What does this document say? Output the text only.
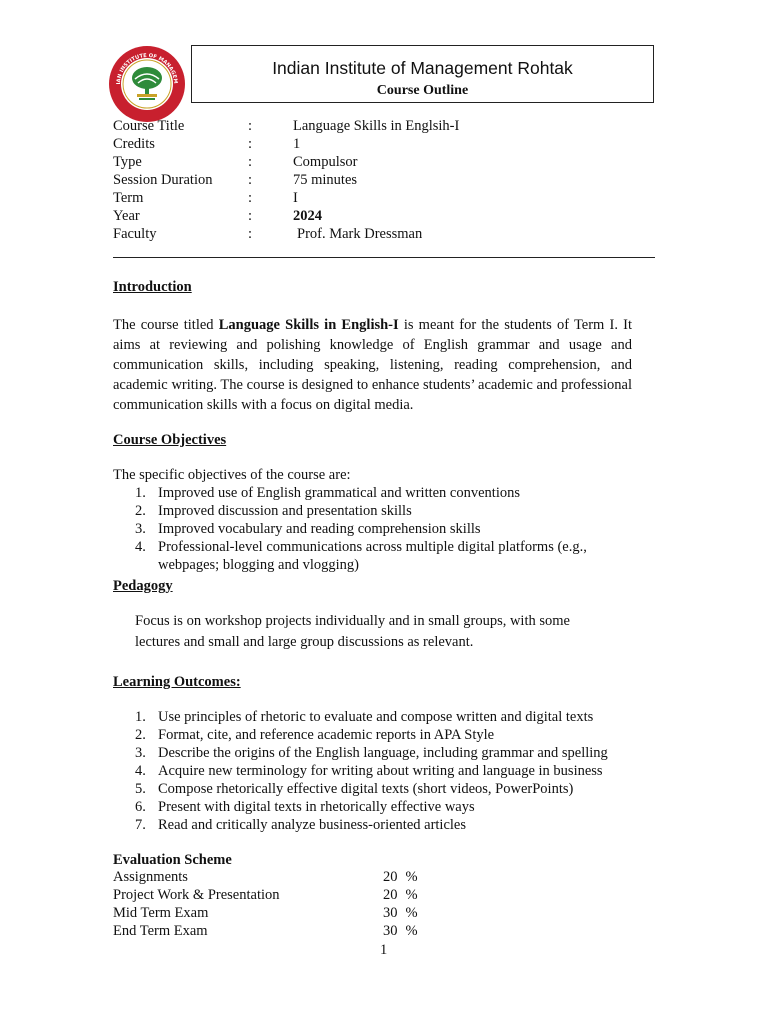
IAN INSTITUTE OF MANAGEM
ROHTAK
Indian Institute of Management Rohtak
Course Outline
Course Title	:	Language Skills in Englsih-I
Credits	:	1
Type	:	Compulsor
Session Duration :	75 minutes
Term	:	I
Year	:	2024
Faculty	:	Prof. Mark Dressman
Introduction
The course titled Language Skills in English-I is meant for the students of Term I. It aims at reviewing and polishing knowledge of English grammar and usage and communication skills, including speaking, listening, reading comprehension, and academic writing. The course is designed to enhance students’ academic and professional communication skills with a focus on digital media.
Course Objectives
The specific objectives of the course are:
1. Improved use of English grammatical and written conventions
2. Improved discussion and presentation skills
3. Improved vocabulary and reading comprehension skills
4. Professional-level communications across multiple digital platforms (e.g., webpages; blogging and vlogging)
Pedagogy
Focus is on workshop projects individually and in small groups, with some lectures and small and large group discussions as relevant.
Learning Outcomes:
1. Use principles of rhetoric to evaluate and compose written and digital texts
2. Format, cite, and reference academic reports in APA Style
3. Describe the origins of the English language, including grammar and spelling
4. Acquire new terminology for writing about writing and language in business
5. Compose rhetorically effective digital texts (short videos, PowerPoints)
6. Present with digital texts in rhetorically effective ways
7. Read and critically analyze business-oriented articles
Evaluation Scheme
Assignments	20 %
Project Work & Presentation	20 %
Mid Term Exam	30 %
End Term Exam	30 %
1
